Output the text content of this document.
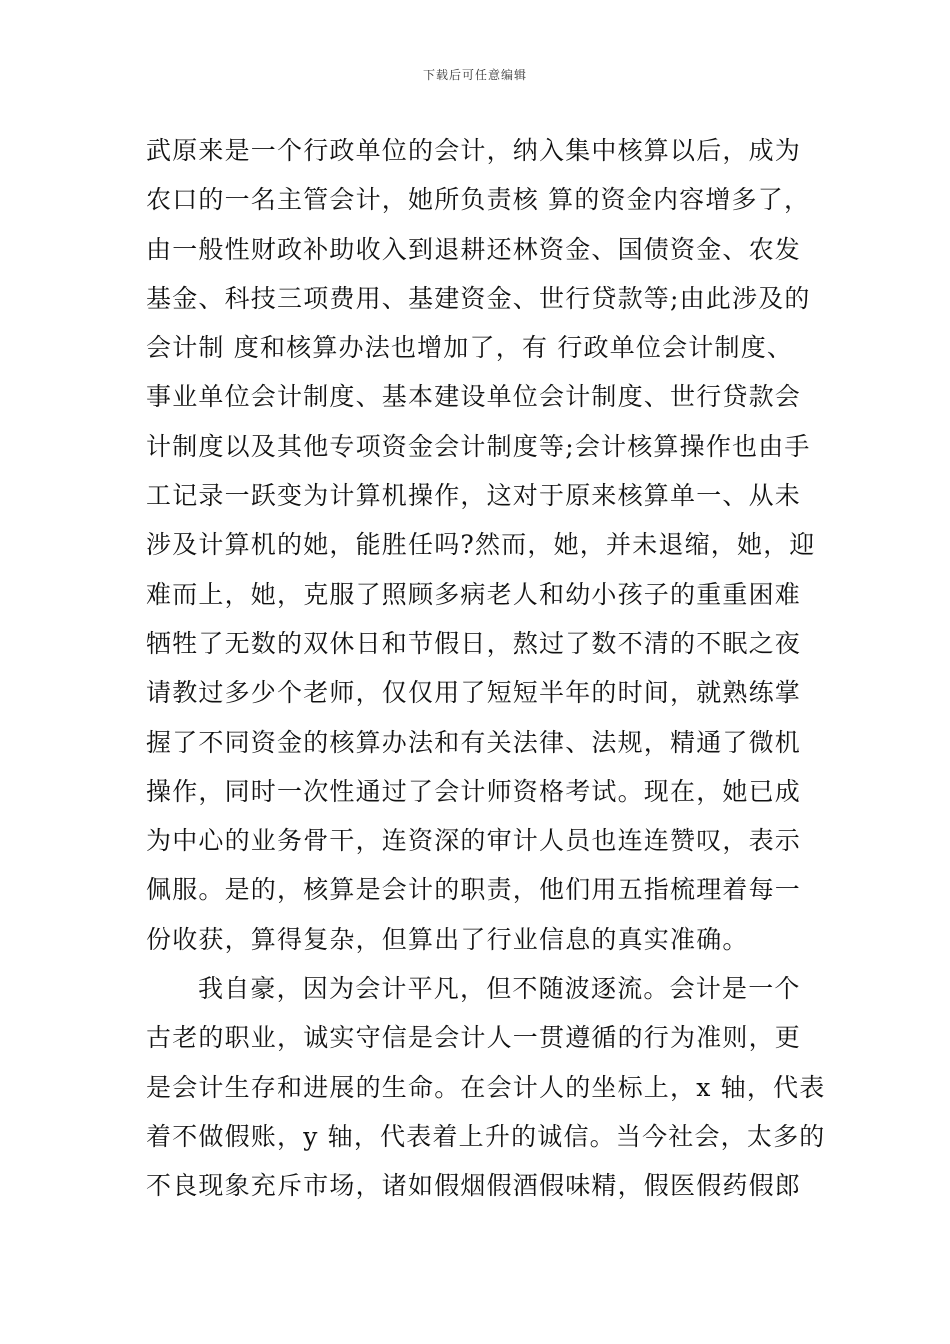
下载后可任意编辑
武原来是一个行政单位的会计，纳入集中核算以后，成为
农口的一名主管会计，她所负责核 算的资金内容增多了，
由一般性财政补助收入到退耕还林资金、国债资金、农发
基金、科技三项费用、基建资金、世行贷款等;由此涉及的
会计制 度和核算办法也增加了，有 行政单位会计制度、
事业单位会计制度、基本建设单位会计制度、世行贷款会
计制度以及其他专项资金会计制度等;会计核算操作也由手
工记录一跃变为计算机操作，这对于原来核算单一、从未
涉及计算机的她，能胜任吗?然而，她，并未退缩，她，迎
难而上，她，克服了照顾多病老人和幼小孩子的重重困难
牺牲了无数的双休日和节假日，熬过了数不清的不眠之夜
请教过多少个老师，仅仅用了短短半年的时间，就熟练掌
握了不同资金的核算办法和有关法律、法规，精通了微机
操作，同时一次性通过了会计师资格考试。现在，她已成
为中心的业务骨干，连资深的审计人员也连连赞叹，表示
佩服。是的，核算是会计的职责，他们用五指梳理着每一
份收获，算得复杂，但算出了行业信息的真实准确。
我自豪，因为会计平凡，但不随波逐流。会计是一个
古老的职业，诚实守信是会计人一贯遵循的行为准则，更
是会计生存和进展的生命。在会计人的坐标上，x 轴，代表
着不做假账，y 轴，代表着上升的诚信。当今社会，太多的
不良现象充斥市场，诸如假烟假酒假味精，假医假药假郎
